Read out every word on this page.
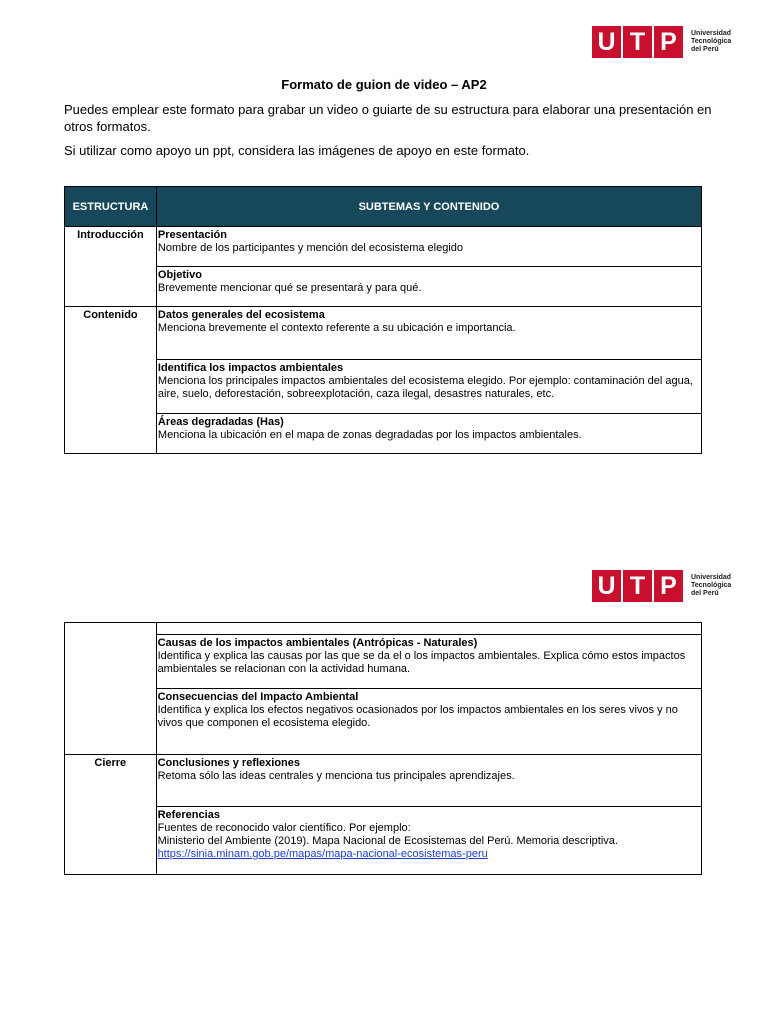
U T P	Universidad
Tecnológica
del Perú
Formato de guion de video – AP2
Puedes emplear este formato para grabar un video o guiarte de su estructura para elaborar una presentación en otros formatos.
Si utilizar como apoyo un ppt, considera las imágenes de apoyo en este formato.
ESTRUCTURA	SUBTEMAS Y CONTENIDO
Introducción	Presentación
Nombre de los participantes y mención del ecosistema elegido

	Objetivo
Brevemente mencionar qué se presentará y para qué.

Contenido	Datos generales del ecosistema
Menciona brevemente el contexto referente a su ubicación e importancia.

	Identifica los impactos ambientales
Menciona los principales impactos ambientales del ecosistema elegido. Por ejemplo: contaminación del agua, aire, suelo, deforestación, sobreexplotación, caza ilegal, desastres naturales, etc.

	Áreas degradadas (Has)
Menciona la ubicación en el mapa de zonas degradadas por los impactos ambientales.
U T P	Universidad
Tecnológica
del Perú

	Causas de los impactos ambientales (Antrópicas - Naturales)
Identifica y explica las causas por las que se da el o los impactos ambientales. Explica cómo estos impactos ambientales se relacionan con la actividad humana.

	Consecuencias del Impacto Ambiental
Identifica y explica los efectos negativos ocasionados por los impactos ambientales en los seres vivos y no vivos que componen el ecosistema elegido.

Cierre	Conclusiones y reflexiones
Retoma sólo las ideas centrales y menciona tus principales aprendizajes.

	Referencias
Fuentes de reconocido valor científico. Por ejemplo:
Ministerio del Ambiente (2019). Mapa Nacional de Ecosistemas del Perú. Memoria descriptiva.
https://sinia.minam.gob.pe/mapas/mapa-nacional-ecosistemas-peru
